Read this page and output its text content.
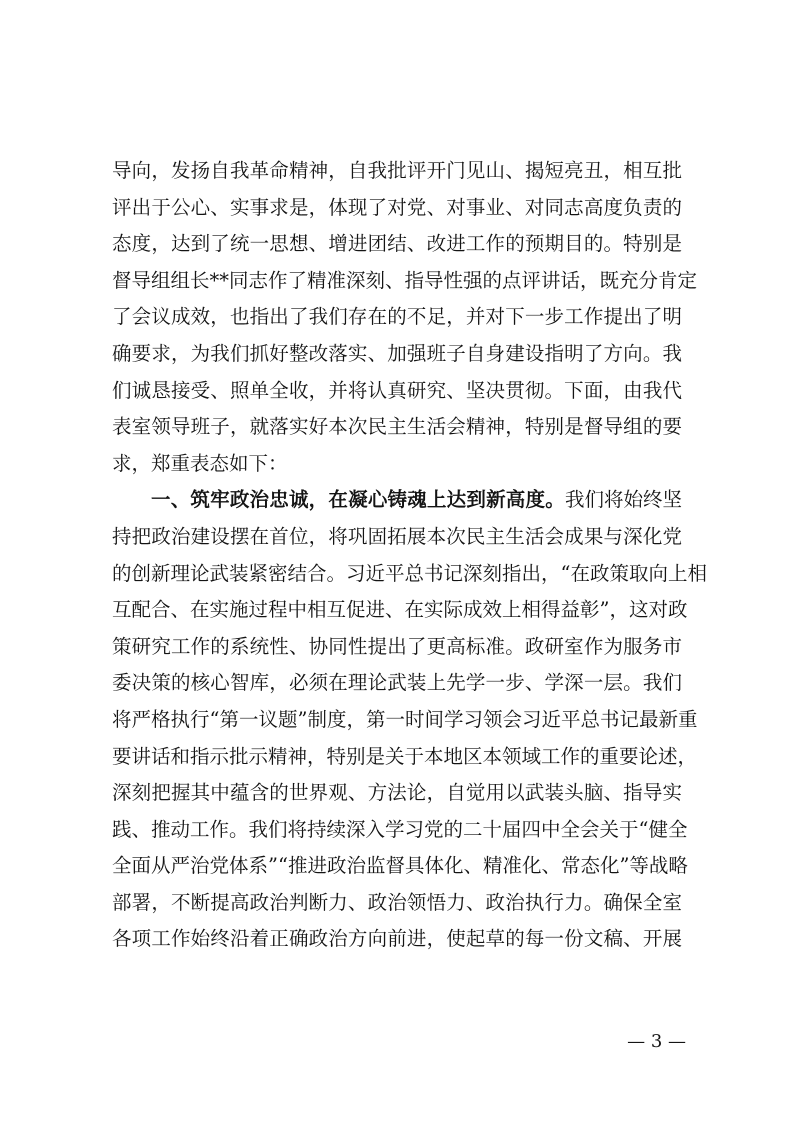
导向，发扬自我革命精神，自我批评开门见山、揭短亮丑，相互批
评出于公心、实事求是，体现了对党、对事业、对同志高度负责的
态度，达到了统一思想、增进团结、改进工作的预期目的。特别是
督导组组长**同志作了精准深刻、指导性强的点评讲话，既充分肯定
了会议成效，也指出了我们存在的不足，并对下一步工作提出了明
确要求，为我们抓好整改落实、加强班子自身建设指明了方向。我
们诚恳接受、照单全收，并将认真研究、坚决贯彻。下面，由我代
表室领导班子，就落实好本次民主生活会精神，特别是督导组的要
求，郑重表态如下：
一、筑牢政治忠诚，在凝心铸魂上达到新高度。我们将始终坚
持把政治建设摆在首位，将巩固拓展本次民主生活会成果与深化党
的创新理论武装紧密结合。习近平总书记深刻指出，“在政策取向上相
互配合、在实施过程中相互促进、在实际成效上相得益彰”，这对政
策研究工作的系统性、协同性提出了更高标准。政研室作为服务市
委决策的核心智库，必须在理论武装上先学一步、学深一层。我们
将严格执行“第一议题”制度，第一时间学习领会习近平总书记最新重
要讲话和指示批示精神，特别是关于本地区本领域工作的重要论述，
深刻把握其中蕴含的世界观、方法论，自觉用以武装头脑、指导实
践、推动工作。我们将持续深入学习党的二十届四中全会关于“健全
全面从严治党体系”“推进政治监督具体化、精准化、常态化”等战略
部署，不断提高政治判断力、政治领悟力、政治执行力。确保全室
各项工作始终沿着正确政治方向前进，使起草的每一份文稿、开展
— 3 —
